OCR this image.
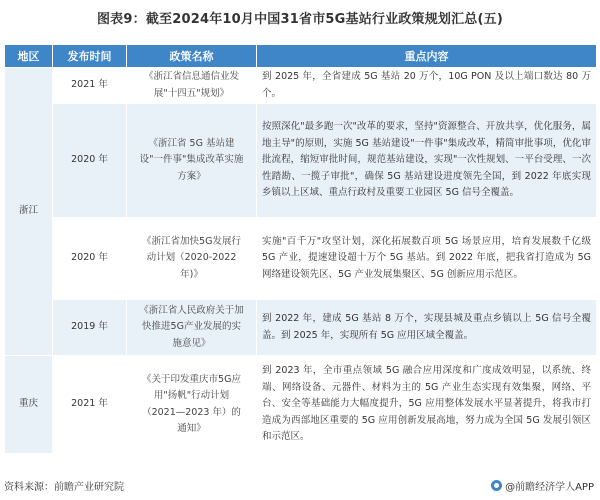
图表9：截至2024年10月中国31省市5G基站行业政策规划汇总(五)
地区	发布时间	政策名称	重点内容
浙江	2021 年	《浙江省信息通信业发展"十四五"规划》	到 2025 年，全省建成 5G 基站 20 万个，10G PON 及以上端口数达 80 万个。
	2020 年	《浙江省 5G 基站建设"一件事"集成改革实施方案》	按照深化"最多跑一次"改革的要求，坚持"资源整合、开放共享，优化服务，属地主导"的原则，实施 5G 基站建设"一件事"集成改革，精简审批事项，优化审批流程，缩短审批时间，规范基站建设，实现"一次性规划、一平台受理、一次性踏勘、一揽子审批"，确保 5G 基站建设进度领先全国，到 2022 年底实现乡镇以上区域、重点行政村及重要工业园区 5G 信号全覆盖。
	2020 年	《浙江省加快5G发展行动计划（2020-2022 年)》	实施"百千万"攻坚计划，深化拓展数百项 5G 场景应用，培育发展数千亿级 5G 产业，提速建设超十万个 5G 基站。到 2022 年底，把我省打造成为 5G 网络建设领先区、5G 产业发展集聚区、5G 创新应用示范区。
	2019 年	《浙江省人民政府关于加快推进5G产业发展的实施意见》	到 2022 年，建成 5G 基站 8 万个，实现县城及重点乡镇以上 5G 信号全覆盖。到 2025 年，实现所有 5G 应用区域全覆盖。
重庆	2021 年	《关于印发重庆市5G应用"扬帆"行动计划（2021—2023 年）的通知》	到 2023 年，全市重点领域 5G 融合应用深度和广度成效明显，以系统、终端、网络设备、元器件、材料为主的 5G 产业生态实现有效集聚，网络、平台、安全等基础能力大幅度提升，5G 应用整体发展水平显著提升，将我市打造成为西部地区重要的 5G 应用创新发展高地，努力成为全国 5G 发展引领区和示范区。
资料来源：前瞻产业研究院	@前瞻经济学人APP
